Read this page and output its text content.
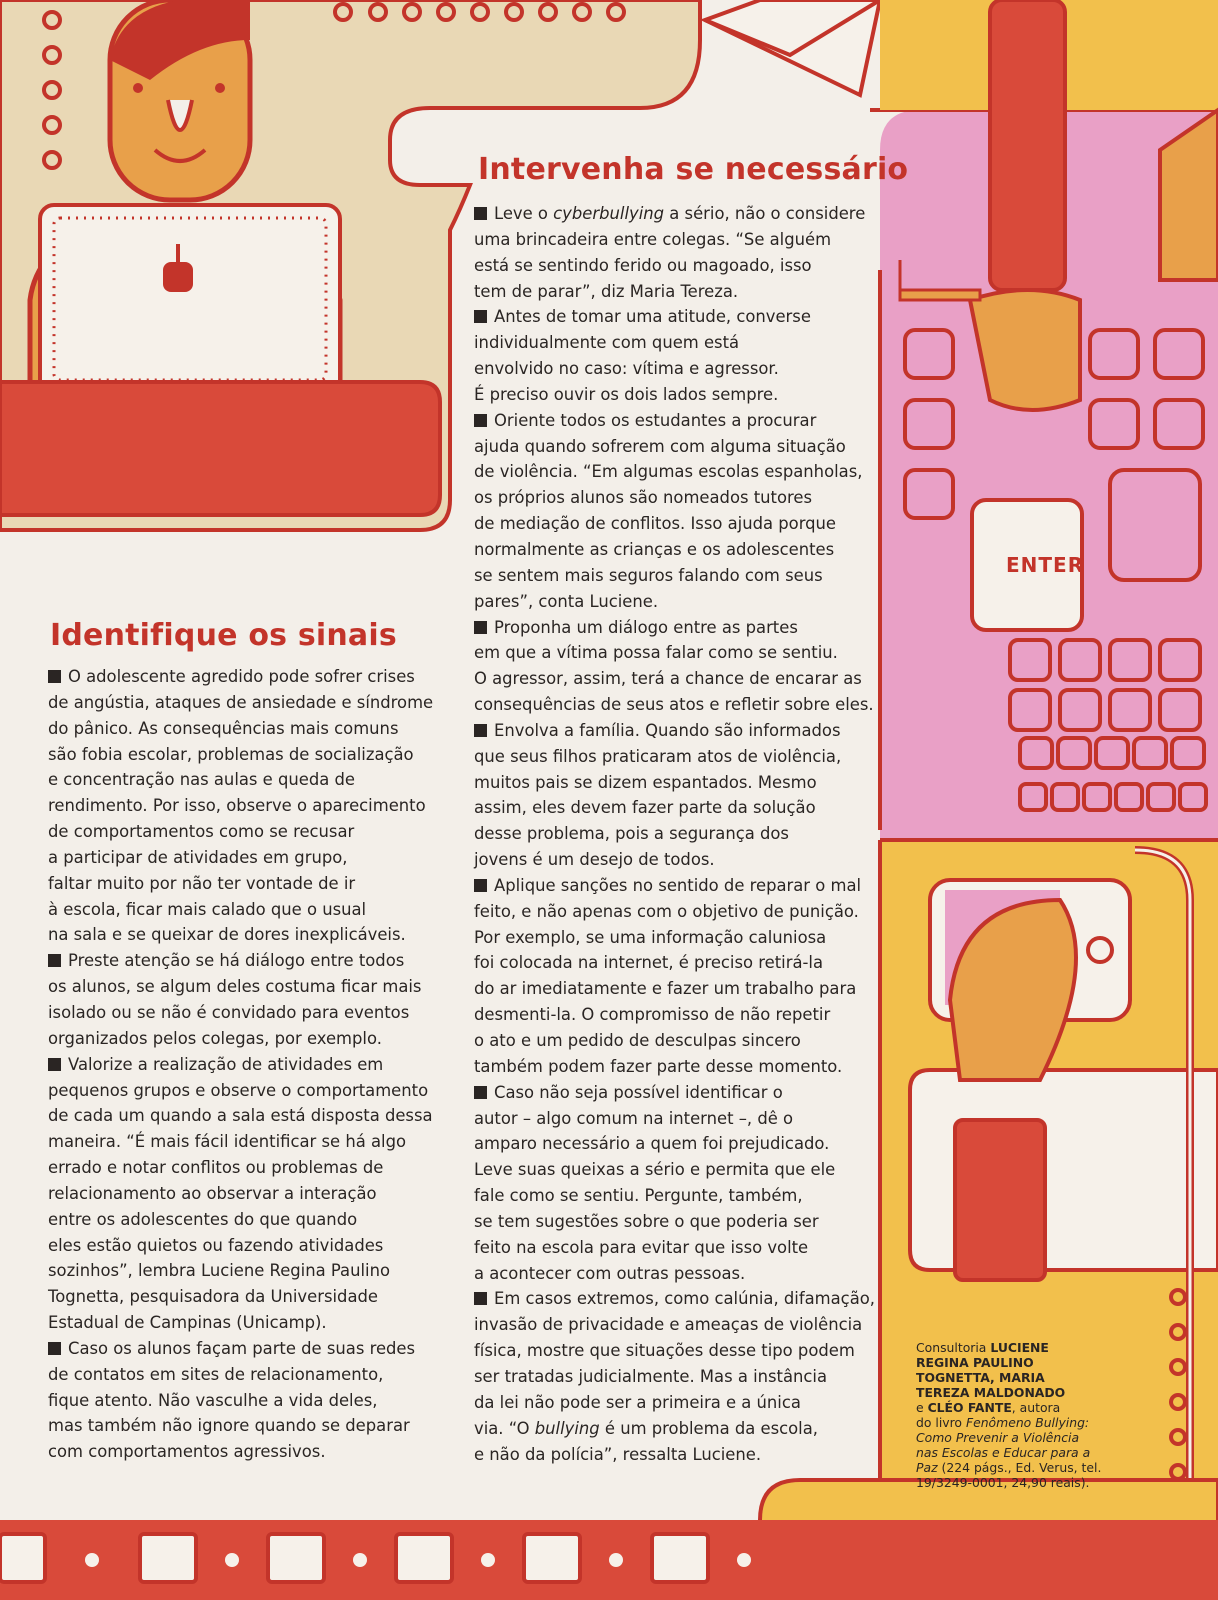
ENTER
Intervenha se necessário
Leve o cyberbullying a sério, não o considere
uma brincadeira entre colegas. “Se alguém
está se sentindo ferido ou magoado, isso
tem de parar”, diz Maria Tereza.
Antes de tomar uma atitude, converse
individualmente com quem está
envolvido no caso: vítima e agressor.
É preciso ouvir os dois lados sempre.
Oriente todos os estudantes a procurar
ajuda quando sofrerem com alguma situação
de violência. “Em algumas escolas espanholas,
os próprios alunos são nomeados tutores
de mediação de conflitos. Isso ajuda porque
normalmente as crianças e os adolescentes
se sentem mais seguros falando com seus
pares”, conta Luciene.
Proponha um diálogo entre as partes
em que a vítima possa falar como se sentiu.
O agressor, assim, terá a chance de encarar as
consequências de seus atos e refletir sobre eles.
Envolva a família. Quando são informados
que seus filhos praticaram atos de violência,
muitos pais se dizem espantados. Mesmo
assim, eles devem fazer parte da solução
desse problema, pois a segurança dos
jovens é um desejo de todos.
Aplique sanções no sentido de reparar o mal
feito, e não apenas com o objetivo de punição.
Por exemplo, se uma informação caluniosa
foi colocada na internet, é preciso retirá-la
do ar imediatamente e fazer um trabalho para
desmenti-la. O compromisso de não repetir
o ato e um pedido de desculpas sincero
também podem fazer parte desse momento.
Caso não seja possível identificar o
autor – algo comum na internet –, dê o
amparo necessário a quem foi prejudicado.
Leve suas queixas a sério e permita que ele
fale como se sentiu. Pergunte, também,
se tem sugestões sobre o que poderia ser
feito na escola para evitar que isso volte
a acontecer com outras pessoas.
Em casos extremos, como calúnia, difamação,
invasão de privacidade e ameaças de violência
física, mostre que situações desse tipo podem
ser tratadas judicialmente. Mas a instância
da lei não pode ser a primeira e a única
via. “O bullying é um problema da escola,
e não da polícia”, ressalta Luciene.
Identifique os sinais
O adolescente agredido pode sofrer crises
de angústia, ataques de ansiedade e síndrome
do pânico. As consequências mais comuns
são fobia escolar, problemas de socialização
e concentração nas aulas e queda de
rendimento. Por isso, observe o aparecimento
de comportamentos como se recusar
a participar de atividades em grupo,
faltar muito por não ter vontade de ir
à escola, ficar mais calado que o usual
na sala e se queixar de dores inexplicáveis.
Preste atenção se há diálogo entre todos
os alunos, se algum deles costuma ficar mais
isolado ou se não é convidado para eventos
organizados pelos colegas, por exemplo.
Valorize a realização de atividades em
pequenos grupos e observe o comportamento
de cada um quando a sala está disposta dessa
maneira. “É mais fácil identificar se há algo
errado e notar conflitos ou problemas de
relacionamento ao observar a interação
entre os adolescentes do que quando
eles estão quietos ou fazendo atividades
sozinhos”, lembra Luciene Regina Paulino
Tognetta, pesquisadora da Universidade
Estadual de Campinas (Unicamp).
Caso os alunos façam parte de suas redes
de contatos em sites de relacionamento,
fique atento. Não vasculhe a vida deles,
mas também não ignore quando se deparar
com comportamentos agressivos.
Consultoria LUCIENE
REGINA PAULINO
TOGNETTA, MARIA
TEREZA MALDONADO
e CLÉO FANTE, autora
do livro Fenômeno Bullying:
Como Prevenir a Violência
nas Escolas e Educar para a
Paz (224 págs., Ed. Verus, tel.
19/3249-0001, 24,90 reais).
